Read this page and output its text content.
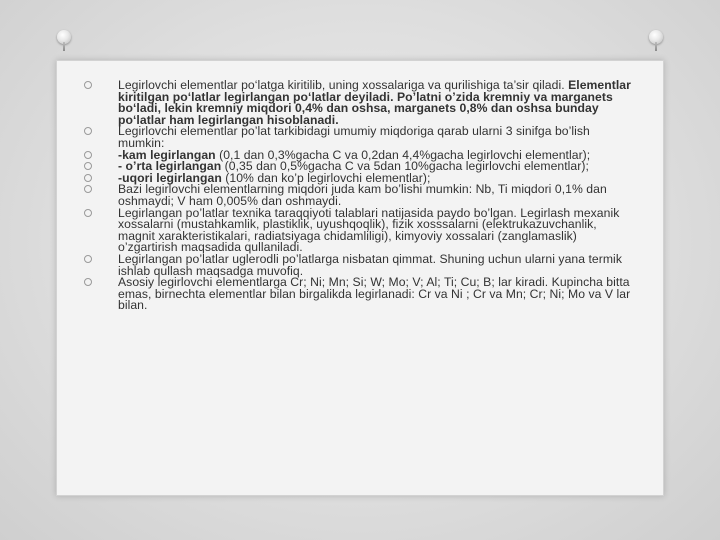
Legirlovchi elementlar po‘latga kiritilib, uning xossalariga va qurilishiga ta’sir qiladi. Elementlar kiritilgan po‘latlar legirlangan po‘latlar deyiladi. Po’latni o’zida kremniy va marganets bo‘ladi, lekin kremniy miqdori 0,4% dan oshsa, marganets 0,8% dan oshsa bunday po‘latlar ham legirlangan hisoblanadi.
Legirlovchi elementlar po’lat tarkibidagi umumiy miqdoriga qarab ularni 3 sinifga bo’lish mumkin:
-kam legirlangan (0,1 dan 0,3%gacha C va 0,2dan 4,4%gacha legirlovchi elementlar);
- o’rta legirlangan (0,35 dan 0,5%gacha C va 5dan 10%gacha legirlovchi elementlar);
-uqori legirlangan (10% dan ko’p legirlovchi elementlar);
Bazi legirlovchi elementlarning miqdori juda kam bo’lishi mumkin: Nb, Ti miqdori 0,1% dan oshmaydi; V ham 0,005% dan oshmaydi.
Legirlangan po’latlar texnika taraqqiyoti talablari natijasida paydo bo’lgan. Legirlash mexanik xossalarni (mustahkamlik, plastiklik, uyushqoqlik), fizik xosssalarni (elektrukazuvchanlik, magnit xarakteristikalari, radiatsiyaga chidamliligi), kimyoviy xossalari (zanglamaslik) o’zgartirish maqsadida qullaniladi.
Legirlangan po’latlar uglerodli po’latlarga nisbatan qimmat. Shuning uchun ularni yana termik ishlab qullash maqsadga muvofiq.
Asosiy legirlovchi elementlarga Cr; Ni; Mn; Si; W; Mo; V; Al; Ti; Cu; B; lar kiradi. Kupincha bitta emas, birnechta elementlar bilan birgalikda legirlanadi: Cr va Ni ; Cr va Mn; Cr; Ni; Mo va V lar bilan.
